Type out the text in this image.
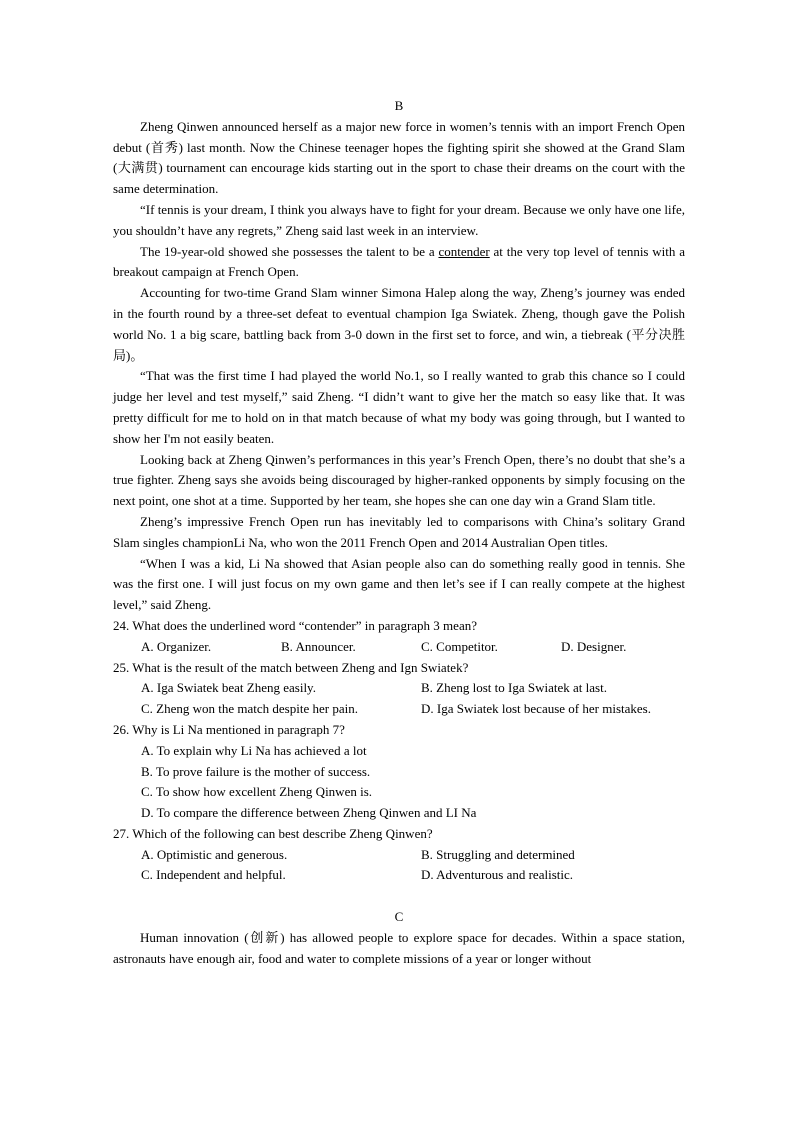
B

Zheng Qinwen announced herself as a major new force in women’s tennis with an import French Open debut (首秀) last month. Now the Chinese teenager hopes the fighting spirit she showed at the Grand Slam (大满贯) tournament can encourage kids starting out in the sport to chase their dreams on the court with the same determination.

“If tennis is your dream, I think you always have to fight for your dream. Because we only have one life, you shouldn’t have any regrets,” Zheng said last week in an interview.

The 19-year-old showed she possesses the talent to be a contender at the very top level of tennis with a breakout campaign at French Open.

Accounting for two-time Grand Slam winner Simona Halep along the way, Zheng’s journey was ended in the fourth round by a three-set defeat to eventual champion Iga Swiatek. Zheng, though gave the Polish world No. 1 a big scare, battling back from 3-0 down in the first set to force, and win, a tiebreak (平分决胜局)。

“That was the first time I had played the world No.1, so I really wanted to grab this chance so I could judge her level and test myself,” said Zheng. “I didn’t want to give her the match so easy like that. It was pretty difficult for me to hold on in that match because of what my body was going through, but I wanted to show her I'm not easily beaten.

Looking back at Zheng Qinwen’s performances in this year’s French Open, there’s no doubt that she’s a true fighter. Zheng says she avoids being discouraged by higher-ranked opponents by simply focusing on the next point, one shot at a time. Supported by her team, she hopes she can one day win a Grand Slam title.

Zheng’s impressive French Open run has inevitably led to comparisons with China’s solitary Grand Slam singles championLi Na, who won the 2011 French Open and 2014 Australian Open titles.

“When I was a kid, Li Na showed that Asian people also can do something really good in tennis. She was the first one. I will just focus on my own game and then let’s see if I can really compete at the highest level,” said Zheng.

24. What does the underlined word “contender” in paragraph 3 mean?

A. Organizer.	B. Announcer.	C. Competitor.	D. Designer.

25. What is the result of the match between Zheng and Ign Swiatek?

A. Iga Swiatek beat Zheng easily.	B. Zheng lost to Iga Swiatek at last.
C. Zheng won the match despite her pain.	D. Iga Swiatek lost because of her mistakes.

26. Why is Li Na mentioned in paragraph 7?

A. To explain why Li Na has achieved a lot
B. To prove failure is the mother of success.
C. To show how excellent Zheng Qinwen is.
D. To compare the difference between Zheng Qinwen and LI Na

27. Which of the following can best describe Zheng Qinwen?

A. Optimistic and generous.	B. Struggling and determined
C. Independent and helpful.	D. Adventurous and realistic.

C

Human innovation (创新) has allowed people to explore space for decades. Within a space station, astronauts have enough air, food and water to complete missions of a year or longer without
